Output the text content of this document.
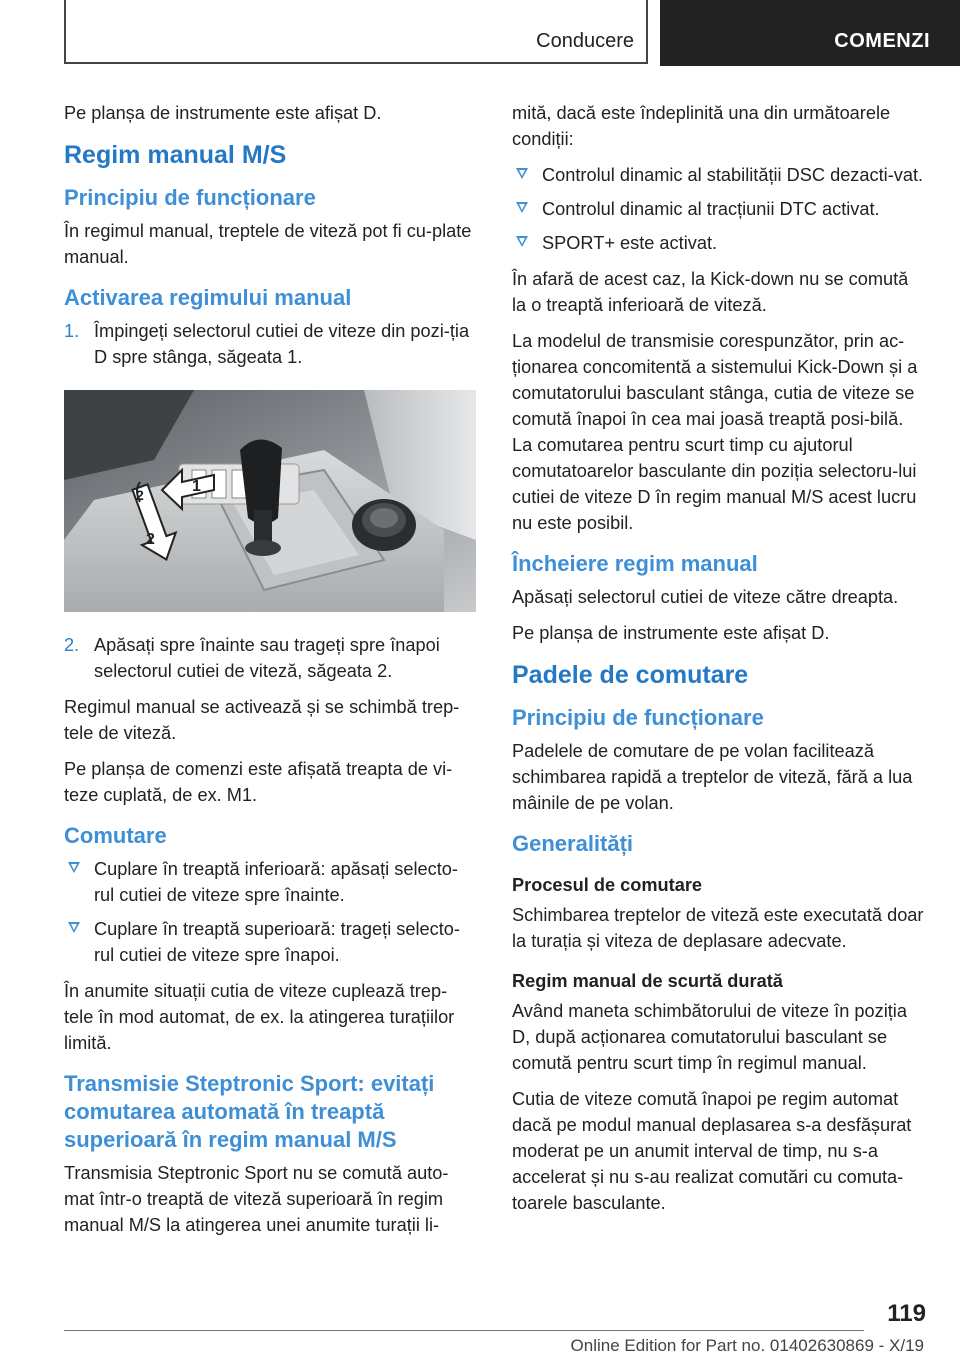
Conducere	COMENZI

Pe planșa de instrumente este afișat D.

Regim manual M/S
Principiu de funcționare

În regimul manual, treptele de viteză pot fi cu‐plate manual.

Activarea regimului manual
1. Împingeți selectorul cutiei de viteze din pozi‐ția D spre stânga, săgeata 1.
1
2
2
2. Apăsați spre înainte sau trageți spre înapoi selectorul cutiei de viteză, săgeata 2.

Regimul manual se activează și se schimbă trep‐tele de viteză.

Pe planșa de comenzi este afișată treapta de vi‐teze cuplată, de ex. M1.

Comutare
Cuplare în treaptă inferioară: apăsați selecto‐rul cutiei de viteze spre înainte.
Cuplare în treaptă superioară: trageți selecto‐rul cutiei de viteze spre înapoi.

În anumite situații cutia de viteze cuplează trep‐tele în mod automat, de ex. la atingerea turațiilor limită.

Transmisie Steptronic Sport: evitați comutarea automată în treaptă superioară în regim manual M/S

Transmisia Steptronic Sport nu se comută auto‐mat într-o treaptă de viteză superioară în regim manual M/S la atingerea unei anumite turații li‐

mită, dacă este îndeplinită una din următoarele condiții:

Controlul dinamic al stabilității DSC dezacti‐vat.
Controlul dinamic al tracțiunii DTC activat.
SPORT+ este activat.

În afară de acest caz, la Kick-down nu se comută la o treaptă inferioară de viteză.

La modelul de transmisie corespunzător, prin ac‐ționarea concomitentă a sistemului Kick-Down și a comutatorului basculant stânga, cutia de viteze se comută înapoi în cea mai joasă treaptă posi‐bilă. La comutarea pentru scurt timp cu ajutorul comutatoarelor basculante din poziția selectoru‐lui cutiei de viteze D în regim manual M/S acest lucru nu este posibil.

Încheiere regim manual

Apăsați selectorul cutiei de viteze către dreapta.

Pe planșa de instrumente este afișat D.

Padele de comutare
Principiu de funcționare

Padelele de comutare de pe volan facilitează schimbarea rapidă a treptelor de viteză, fără a lua mâinile de pe volan.

Generalități
Procesul de comutare

Schimbarea treptelor de viteză este executată doar la turația și viteza de deplasare adecvate.

Regim manual de scurtă durată

Având maneta schimbătorului de viteze în poziția D, după acționarea comutatorului basculant se comută pentru scurt timp în regimul manual.

Cutia de viteze comută înapoi pe regim automat dacă pe modul manual deplasarea s-a desfășurat moderat pe un anumit interval de timp, nu s-a accelerat și nu s-au realizat comutări cu comuta‐toarele basculante.

119
Online Edition for Part no. 01402630869 - X/19
